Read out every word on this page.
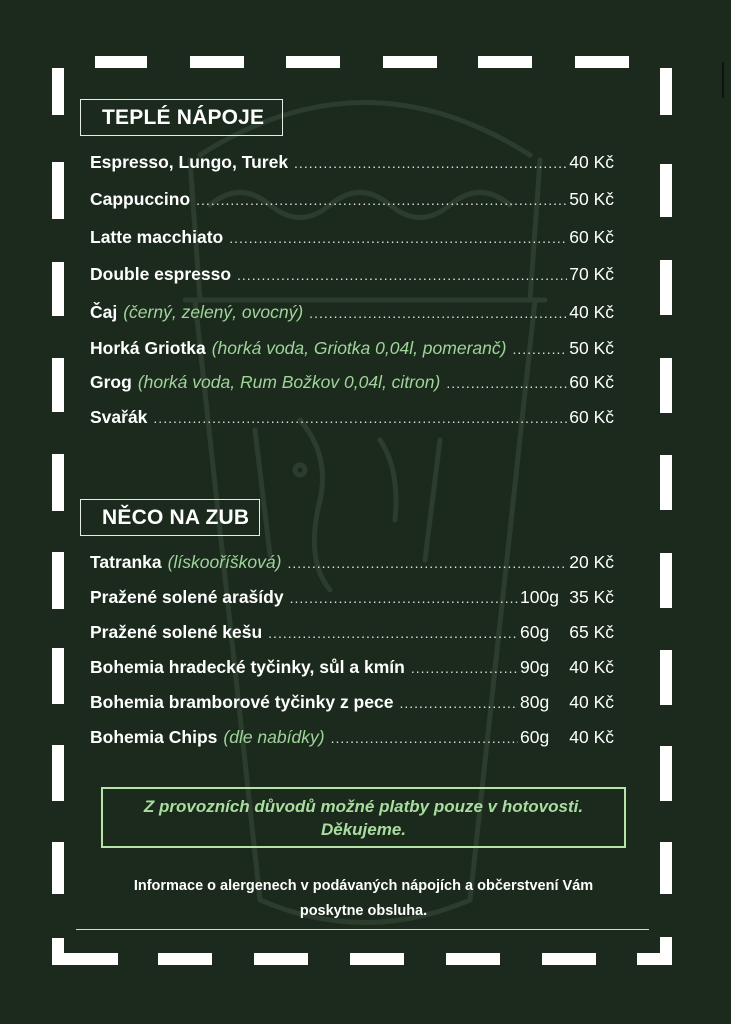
TEPLÉ NÁPOJE
Espresso, Lungo, Turek .....	40 Kč
Cappuccino .....	50 Kč
Latte macchiato .....	60 Kč
Double espresso .....	70 Kč
Čaj (černý, zelený, ovocný) .....	40 Kč
Horká Griotka (horká voda, Griotka 0,04l, pomeranč) .....	50 Kč
Grog (horká voda, Rum Božkov 0,04l, citron) .....	60 Kč
Svařák .....	60 Kč
NĚCO NA ZUB
Tatranka (lískooříšková) .....	20 Kč
Pražené solené arašídy .....	100g 35 Kč
Pražené solené kešu .....	60g	65 Kč
Bohemia hradecké tyčinky, sůl a kmín .....	90g	40 Kč
Bohemia bramborové tyčinky z pece .....	80g	40 Kč
Bohemia Chips (dle nabídky) .....	60g	40 Kč
Z provozních důvodů možné platby pouze v hotovosti.
Děkujeme.
Informace o alergenech v podávaných nápojích a občerstvení Vám
poskytne obsluha.
